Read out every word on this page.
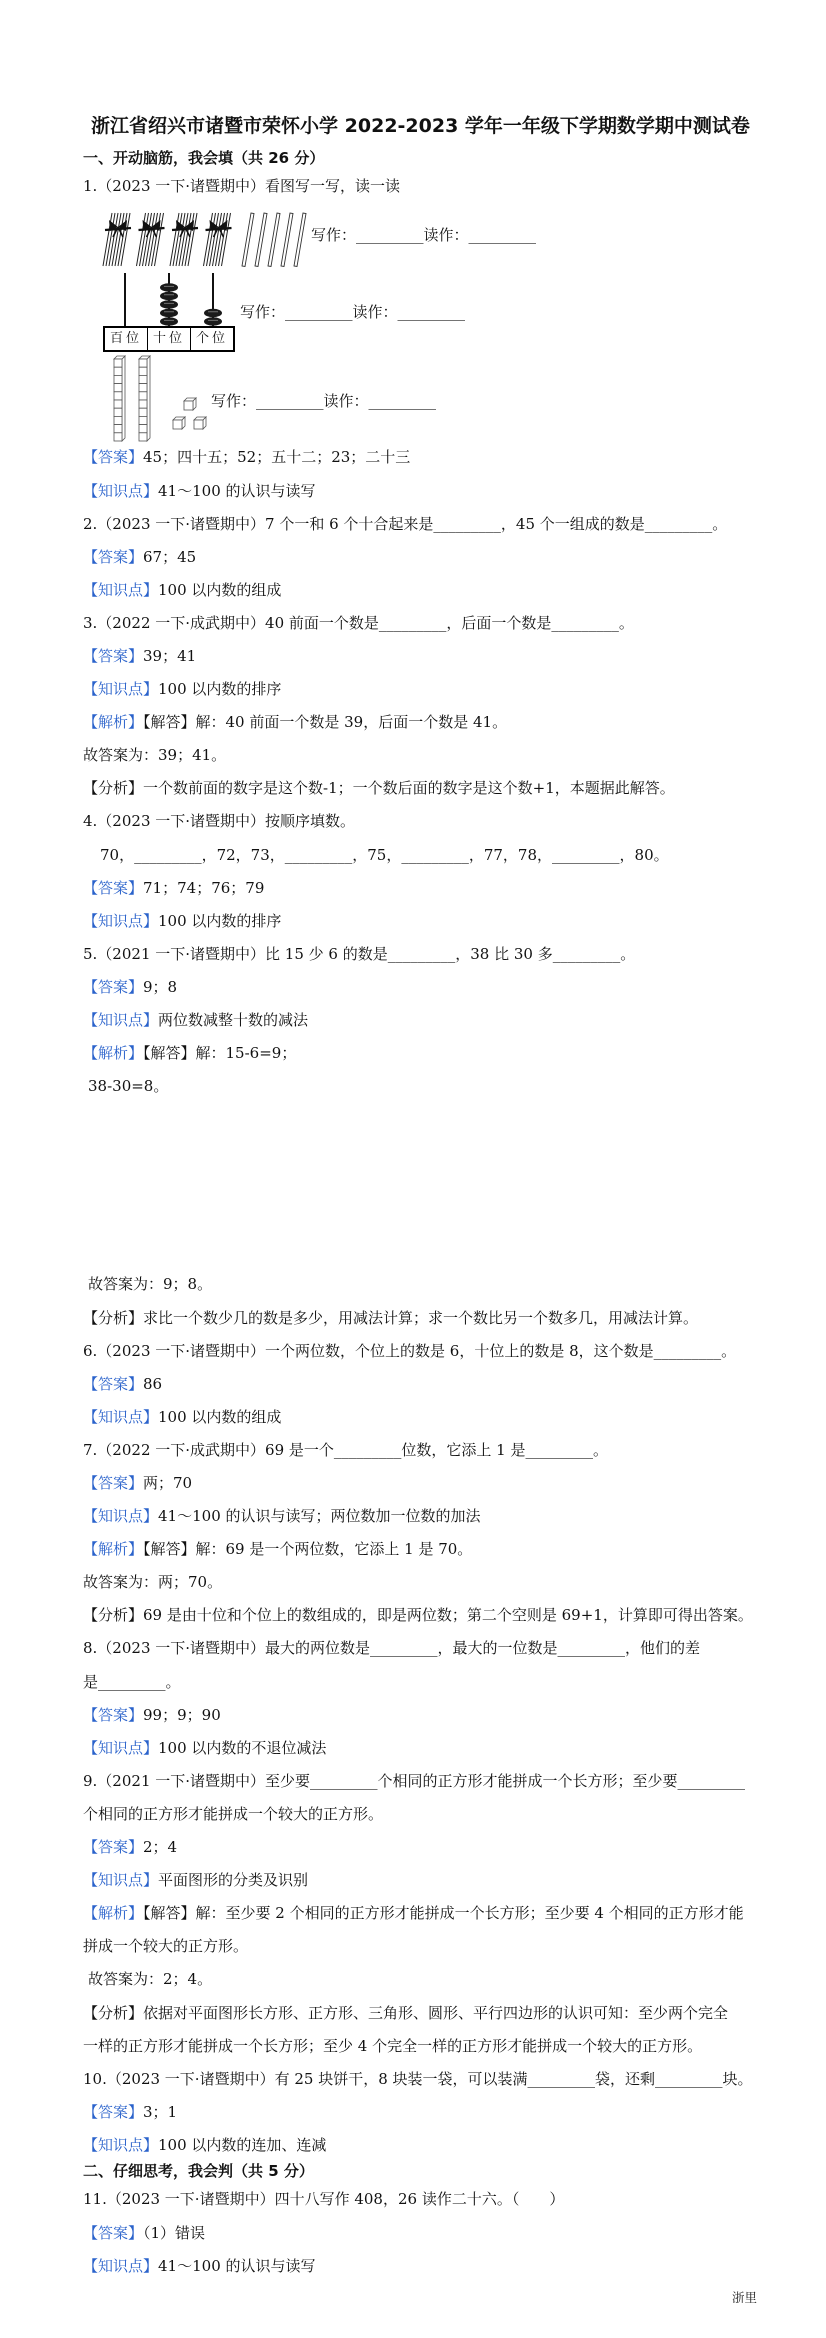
浙江省绍兴市诸暨市荣怀小学 2022-2023 学年一年级下学期数学期中测试卷
一、开动脑筋，我会填（共 26 分）
1.（2023 一下·诸暨期中）看图写一写，读一读
写作：_________读作：_________
百位 十位 个位
写作：_________读作：_________
写作：_________读作：_________
【答案】45；四十五；52；五十二；23；二十三
【知识点】41～100 的认识与读写
2.（2023 一下·诸暨期中）7 个一和 6 个十合起来是_________，45 个一组成的数是_________。
【答案】67；45
【知识点】100 以内数的组成
3.（2022 一下·成武期中）40 前面一个数是_________，后面一个数是_________。
【答案】39；41
【知识点】100 以内数的排序
【解析】【解答】解：40 前面一个数是 39，后面一个数是 41。
故答案为：39；41。
【分析】一个数前面的数字是这个数-1；一个数后面的数字是这个数+1，本题据此解答。
4.（2023 一下·诸暨期中）按顺序填数。
70，_________，72，73，_________，75，_________，77，78，_________，80。
【答案】71；74；76；79
【知识点】100 以内数的排序
5.（2021 一下·诸暨期中）比 15 少 6 的数是_________，38 比 30 多_________。
【答案】9；8
【知识点】两位数减整十数的减法
【解析】【解答】解：15-6=9；
38-30=8。
故答案为：9；8。
【分析】求比一个数少几的数是多少，用减法计算；求一个数比另一个数多几，用减法计算。
6.（2023 一下·诸暨期中）一个两位数，个位上的数是 6，十位上的数是 8，这个数是_________。
【答案】86
【知识点】100 以内数的组成
7.（2022 一下·成武期中）69 是一个_________位数，它添上 1 是_________。
【答案】两；70
【知识点】41～100 的认识与读写；两位数加一位数的加法
【解析】【解答】解：69 是一个两位数，它添上 1 是 70。
故答案为：两；70。
【分析】69 是由十位和个位上的数组成的，即是两位数；第二个空则是 69+1，计算即可得出答案。
8.（2023 一下·诸暨期中）最大的两位数是_________，最大的一位数是_________，他们的差
是_________。
【答案】99；9；90
【知识点】100 以内数的不退位减法
9.（2021 一下·诸暨期中）至少要_________个相同的正方形才能拼成一个长方形；至少要_________
个相同的正方形才能拼成一个较大的正方形。
【答案】2；4
【知识点】平面图形的分类及识别
【解析】【解答】解：至少要 2 个相同的正方形才能拼成一个长方形；至少要 4 个相同的正方形才能
拼成一个较大的正方形。
故答案为：2；4。
【分析】依据对平面图形长方形、正方形、三角形、圆形、平行四边形的认识可知：至少两个完全
一样的正方形才能拼成一个长方形；至少 4 个完全一样的正方形才能拼成一个较大的正方形。
10.（2023 一下·诸暨期中）有 25 块饼干，8 块装一袋，可以装满_________袋，还剩_________块。
【答案】3；1
【知识点】100 以内数的连加、连减
二、仔细思考，我会判（共 5 分）
11.（2023 一下·诸暨期中）四十八写作 408，26 读作二十六。（　　）
【答案】（1）错误
【知识点】41～100 的认识与读写
浙里
